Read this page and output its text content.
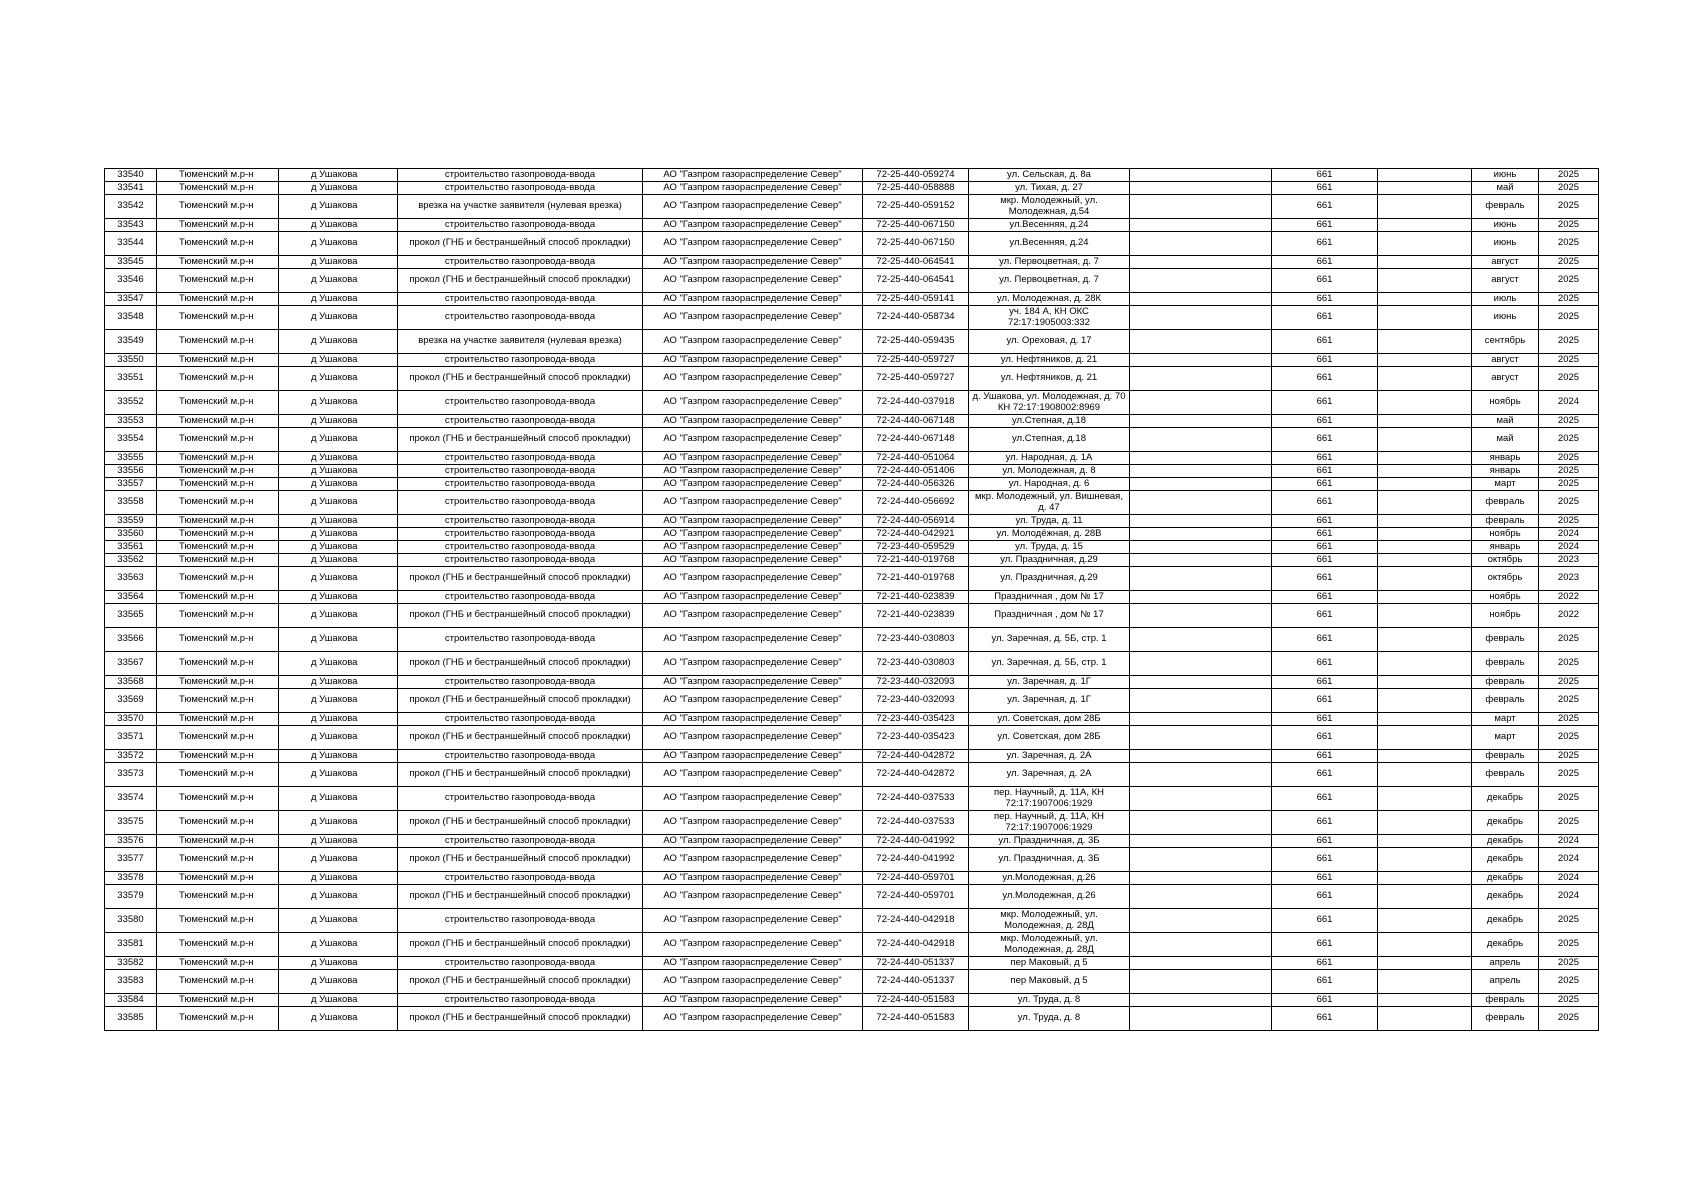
33540	Тюменский м.р-н	д Ушакова	строительство газопровода-ввода	АО "Газпром газораспределение Север"	72-25-440-059274	ул. Сельская, д. 8а		661		июнь	2025
33541	Тюменский м.р-н	д Ушакова	строительство газопровода-ввода	АО "Газпром газораспределение Север"	72-25-440-058888	ул. Тихая, д. 27		661		май	2025
33542	Тюменский м.р-н	д Ушакова	врезка на участке заявителя (нулевая врезка)	АО "Газпром газораспределение Север"	72-25-440-059152	мкр. Молодежный, ул. Молодежная, д.54		661		февраль	2025
33543	Тюменский м.р-н	д Ушакова	строительство газопровода-ввода	АО "Газпром газораспределение Север"	72-25-440-067150	ул.Весенняя, д.24		661		июнь	2025
33544	Тюменский м.р-н	д Ушакова	прокол (ГНБ и бестраншейный способ прокладки)	АО "Газпром газораспределение Север"	72-25-440-067150	ул.Весенняя, д.24		661		июнь	2025
33545	Тюменский м.р-н	д Ушакова	строительство газопровода-ввода	АО "Газпром газораспределение Север"	72-25-440-064541	ул. Первоцветная, д. 7		661		август	2025
33546	Тюменский м.р-н	д Ушакова	прокол (ГНБ и бестраншейный способ прокладки)	АО "Газпром газораспределение Север"	72-25-440-064541	ул. Первоцветная, д. 7		661		август	2025
33547	Тюменский м.р-н	д Ушакова	строительство газопровода-ввода	АО "Газпром газораспределение Север"	72-25-440-059141	ул. Молодежная, д. 28К		661		июль	2025
33548	Тюменский м.р-н	д Ушакова	строительство газопровода-ввода	АО "Газпром газораспределение Север"	72-24-440-058734	уч. 184 А, КН ОКС 72:17:1905003:332		661		июнь	2025
33549	Тюменский м.р-н	д Ушакова	врезка на участке заявителя (нулевая врезка)	АО "Газпром газораспределение Север"	72-25-440-059435	ул. Ореховая, д. 17		661		сентябрь	2025
33550	Тюменский м.р-н	д Ушакова	строительство газопровода-ввода	АО "Газпром газораспределение Север"	72-25-440-059727	ул. Нефтяников, д. 21		661		август	2025
33551	Тюменский м.р-н	д Ушакова	прокол (ГНБ и бестраншейный способ прокладки)	АО "Газпром газораспределение Север"	72-25-440-059727	ул. Нефтяников, д. 21		661		август	2025
33552	Тюменский м.р-н	д Ушакова	строительство газопровода-ввода	АО "Газпром газораспределение Север"	72-24-440-037918	д. Ушакова, ул. Молодежная, д. 70 КН 72:17:1908002:8969		661		ноябрь	2024
33553	Тюменский м.р-н	д Ушакова	строительство газопровода-ввода	АО "Газпром газораспределение Север"	72-24-440-067148	ул.Степная, д.18		661		май	2025
33554	Тюменский м.р-н	д Ушакова	прокол (ГНБ и бестраншейный способ прокладки)	АО "Газпром газораспределение Север"	72-24-440-067148	ул.Степная, д.18		661		май	2025
33555	Тюменский м.р-н	д Ушакова	строительство газопровода-ввода	АО "Газпром газораспределение Север"	72-24-440-051064	ул. Народная, д. 1А		661		январь	2025
33556	Тюменский м.р-н	д Ушакова	строительство газопровода-ввода	АО "Газпром газораспределение Север"	72-24-440-051406	ул. Молодежная, д. 8		661		январь	2025
33557	Тюменский м.р-н	д Ушакова	строительство газопровода-ввода	АО "Газпром газораспределение Север"	72-24-440-056326	ул. Народная, д. 6		661		март	2025
33558	Тюменский м.р-н	д Ушакова	строительство газопровода-ввода	АО "Газпром газораспределение Север"	72-24-440-056692	мкр. Молодежный, ул. Вишневая, д. 47		661		февраль	2025
33559	Тюменский м.р-н	д Ушакова	строительство газопровода-ввода	АО "Газпром газораспределение Север"	72-24-440-056914	ул. Труда, д. 11		661		февраль	2025
33560	Тюменский м.р-н	д Ушакова	строительство газопровода-ввода	АО "Газпром газораспределение Север"	72-24-440-042921	ул. Молодёжная, д. 28В		661		ноябрь	2024
33561	Тюменский м.р-н	д Ушакова	строительство газопровода-ввода	АО "Газпром газораспределение Север"	72-23-440-059529	ул. Труда, д. 15		661		январь	2024
33562	Тюменский м.р-н	д Ушакова	строительство газопровода-ввода	АО "Газпром газораспределение Север"	72-21-440-019768	ул. Праздничная, д.29		661		октябрь	2023
33563	Тюменский м.р-н	д Ушакова	прокол (ГНБ и бестраншейный способ прокладки)	АО "Газпром газораспределение Север"	72-21-440-019768	ул. Праздничная, д.29		661		октябрь	2023
33564	Тюменский м.р-н	д Ушакова	строительство газопровода-ввода	АО "Газпром газораспределение Север"	72-21-440-023839	Праздничная , дом № 17		661		ноябрь	2022
33565	Тюменский м.р-н	д Ушакова	прокол (ГНБ и бестраншейный способ прокладки)	АО "Газпром газораспределение Север"	72-21-440-023839	Праздничная , дом № 17		661		ноябрь	2022
33566	Тюменский м.р-н	д Ушакова	строительство газопровода-ввода	АО "Газпром газораспределение Север"	72-23-440-030803	ул. Заречная, д. 5Б, стр. 1		661		февраль	2025
33567	Тюменский м.р-н	д Ушакова	прокол (ГНБ и бестраншейный способ прокладки)	АО "Газпром газораспределение Север"	72-23-440-030803	ул. Заречная, д. 5Б, стр. 1		661		февраль	2025
33568	Тюменский м.р-н	д Ушакова	строительство газопровода-ввода	АО "Газпром газораспределение Север"	72-23-440-032093	ул. Заречная, д. 1Г		661		февраль	2025
33569	Тюменский м.р-н	д Ушакова	прокол (ГНБ и бестраншейный способ прокладки)	АО "Газпром газораспределение Север"	72-23-440-032093	ул. Заречная, д. 1Г		661		февраль	2025
33570	Тюменский м.р-н	д Ушакова	строительство газопровода-ввода	АО "Газпром газораспределение Север"	72-23-440-035423	ул. Советская, дом 28Б		661		март	2025
33571	Тюменский м.р-н	д Ушакова	прокол (ГНБ и бестраншейный способ прокладки)	АО "Газпром газораспределение Север"	72-23-440-035423	ул. Советская, дом 28Б		661		март	2025
33572	Тюменский м.р-н	д Ушакова	строительство газопровода-ввода	АО "Газпром газораспределение Север"	72-24-440-042872	ул. Заречная, д. 2А		661		февраль	2025
33573	Тюменский м.р-н	д Ушакова	прокол (ГНБ и бестраншейный способ прокладки)	АО "Газпром газораспределение Север"	72-24-440-042872	ул. Заречная, д. 2А		661		февраль	2025
33574	Тюменский м.р-н	д Ушакова	строительство газопровода-ввода	АО "Газпром газораспределение Север"	72-24-440-037533	пер. Научный, д. 11А, КН 72:17:1907006:1929		661		декабрь	2025
33575	Тюменский м.р-н	д Ушакова	прокол (ГНБ и бестраншейный способ прокладки)	АО "Газпром газораспределение Север"	72-24-440-037533	пер. Научный, д. 11А, КН 72:17:1907006:1929		661		декабрь	2025
33576	Тюменский м.р-н	д Ушакова	строительство газопровода-ввода	АО "Газпром газораспределение Север"	72-24-440-041992	ул. Праздничная, д. 3Б		661		декабрь	2024
33577	Тюменский м.р-н	д Ушакова	прокол (ГНБ и бестраншейный способ прокладки)	АО "Газпром газораспределение Север"	72-24-440-041992	ул. Праздничная, д. 3Б		661		декабрь	2024
33578	Тюменский м.р-н	д Ушакова	строительство газопровода-ввода	АО "Газпром газораспределение Север"	72-24-440-059701	ул.Молодежная, д.26		661		декабрь	2024
33579	Тюменский м.р-н	д Ушакова	прокол (ГНБ и бестраншейный способ прокладки)	АО "Газпром газораспределение Север"	72-24-440-059701	ул.Молодежная, д.26		661		декабрь	2024
33580	Тюменский м.р-н	д Ушакова	строительство газопровода-ввода	АО "Газпром газораспределение Север"	72-24-440-042918	мкр. Молодежный, ул. Молодежная, д. 28Д		661		декабрь	2025
33581	Тюменский м.р-н	д Ушакова	прокол (ГНБ и бестраншейный способ прокладки)	АО "Газпром газораспределение Север"	72-24-440-042918	мкр. Молодежный, ул. Молодежная, д. 28Д		661		декабрь	2025
33582	Тюменский м.р-н	д Ушакова	строительство газопровода-ввода	АО "Газпром газораспределение Север"	72-24-440-051337	пер Маковый, д 5		661		апрель	2025
33583	Тюменский м.р-н	д Ушакова	прокол (ГНБ и бестраншейный способ прокладки)	АО "Газпром газораспределение Север"	72-24-440-051337	пер Маковый, д 5		661		апрель	2025
33584	Тюменский м.р-н	д Ушакова	строительство газопровода-ввода	АО "Газпром газораспределение Север"	72-24-440-051583	ул. Труда, д. 8		661		февраль	2025
33585	Тюменский м.р-н	д Ушакова	прокол (ГНБ и бестраншейный способ прокладки)	АО "Газпром газораспределение Север"	72-24-440-051583	ул. Труда, д. 8		661		февраль	2025
